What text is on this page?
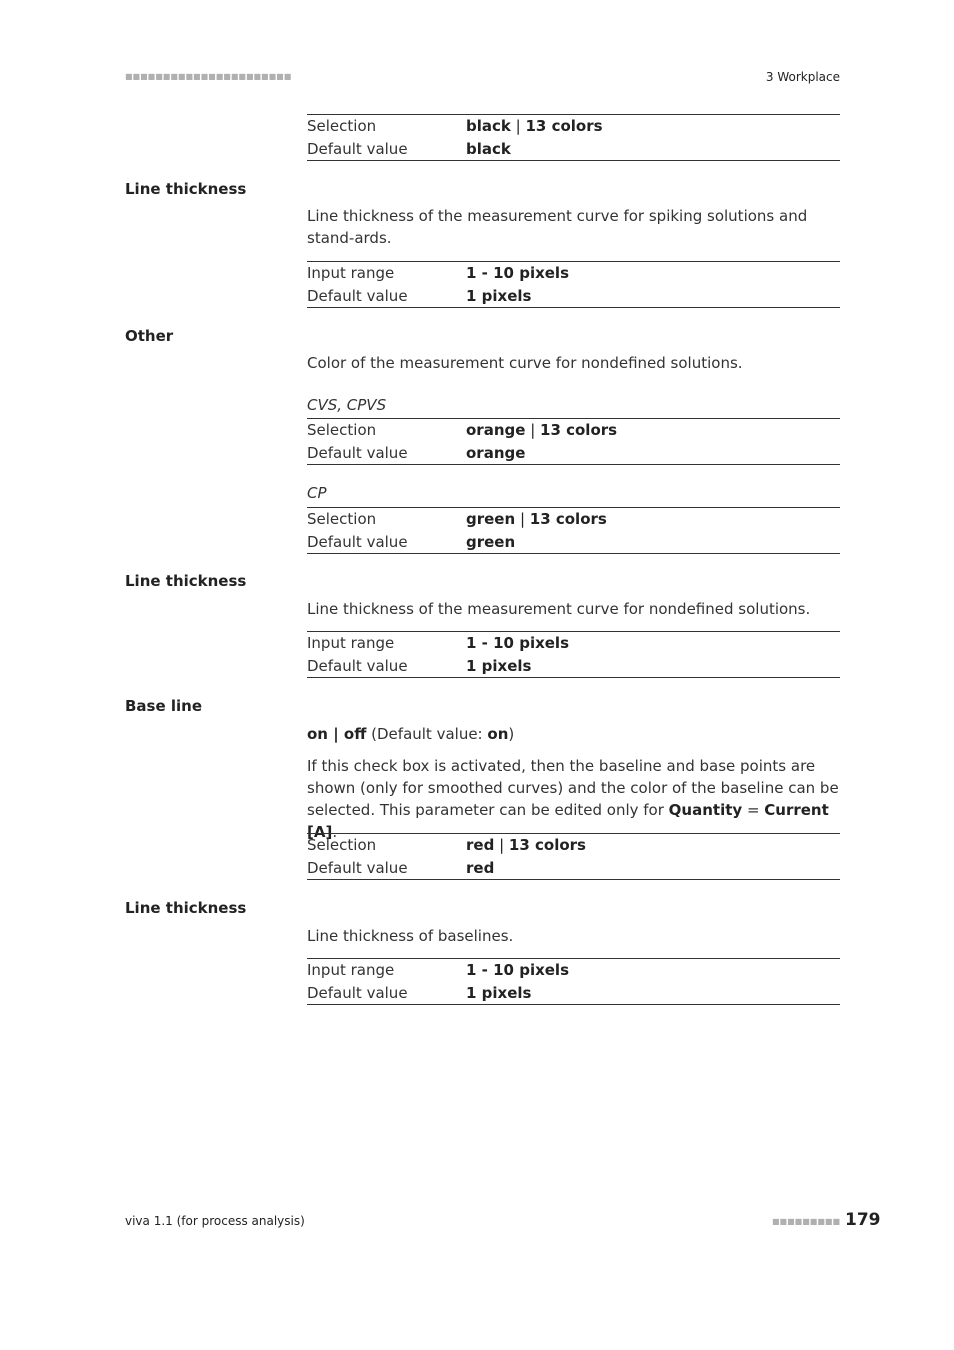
■■■■■■■■■■■■■■■■■■■■■■	3 Workplace
Selection	black | 13 colors
Default value	black
Line thickness
Line thickness of the measurement curve for spiking solutions and stand-ards.
Input range	1 - 10 pixels
Default value	1 pixels
Other
Color of the measurement curve for nondefined solutions.
CVS, CPVS
Selection	orange | 13 colors
Default value	orange
CP
Selection	green | 13 colors
Default value	green
Line thickness
Line thickness of the measurement curve for nondefined solutions.
Input range	1 - 10 pixels
Default value	1 pixels
Base line
on | off (Default value: on)
If this check box is activated, then the baseline and base points are shown (only for smoothed curves) and the color of the baseline can be selected. This parameter can be edited only for Quantity = Current [A].
Selection	red | 13 colors
Default value	red
Line thickness
Line thickness of baselines.
Input range	1 - 10 pixels
Default value	1 pixels
viva 1.1 (for process analysis)	■■■■■■■■■ 179
